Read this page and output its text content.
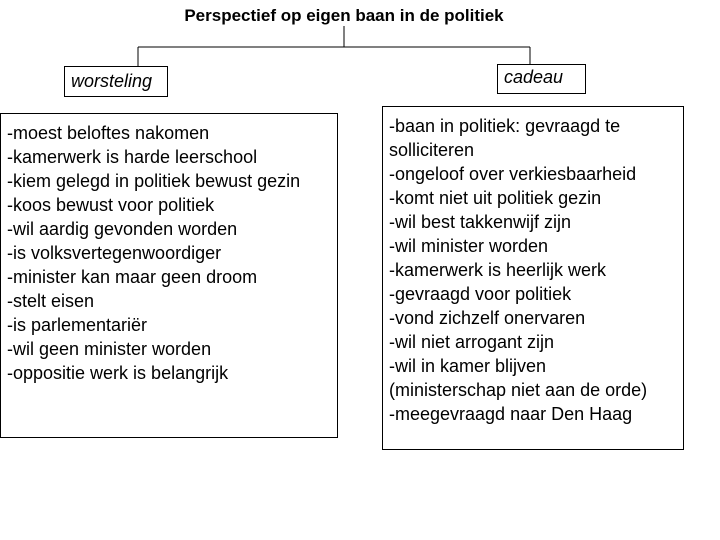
Perspectief op eigen baan in de politiek
worsteling	cadeau
-moest beloftes nakomen
-kamerwerk is harde leerschool
-kiem gelegd in politiek bewust gezin
-koos bewust voor politiek
-wil aardig gevonden worden
-is volksvertegenwoordiger
-minister kan maar geen droom
-stelt eisen
-is parlementariër
-wil geen minister worden
-oppositie werk is belangrijk
-baan in politiek: gevraagd te
solliciteren
-ongeloof over verkiesbaarheid
-komt niet uit politiek gezin
-wil best takkenwijf zijn
-wil minister worden
-kamerwerk is heerlijk werk
-gevraagd voor politiek
-vond zichzelf onervaren
-wil niet arrogant zijn
-wil in kamer blijven
(ministerschap niet aan de orde)
-meegevraagd naar Den Haag
